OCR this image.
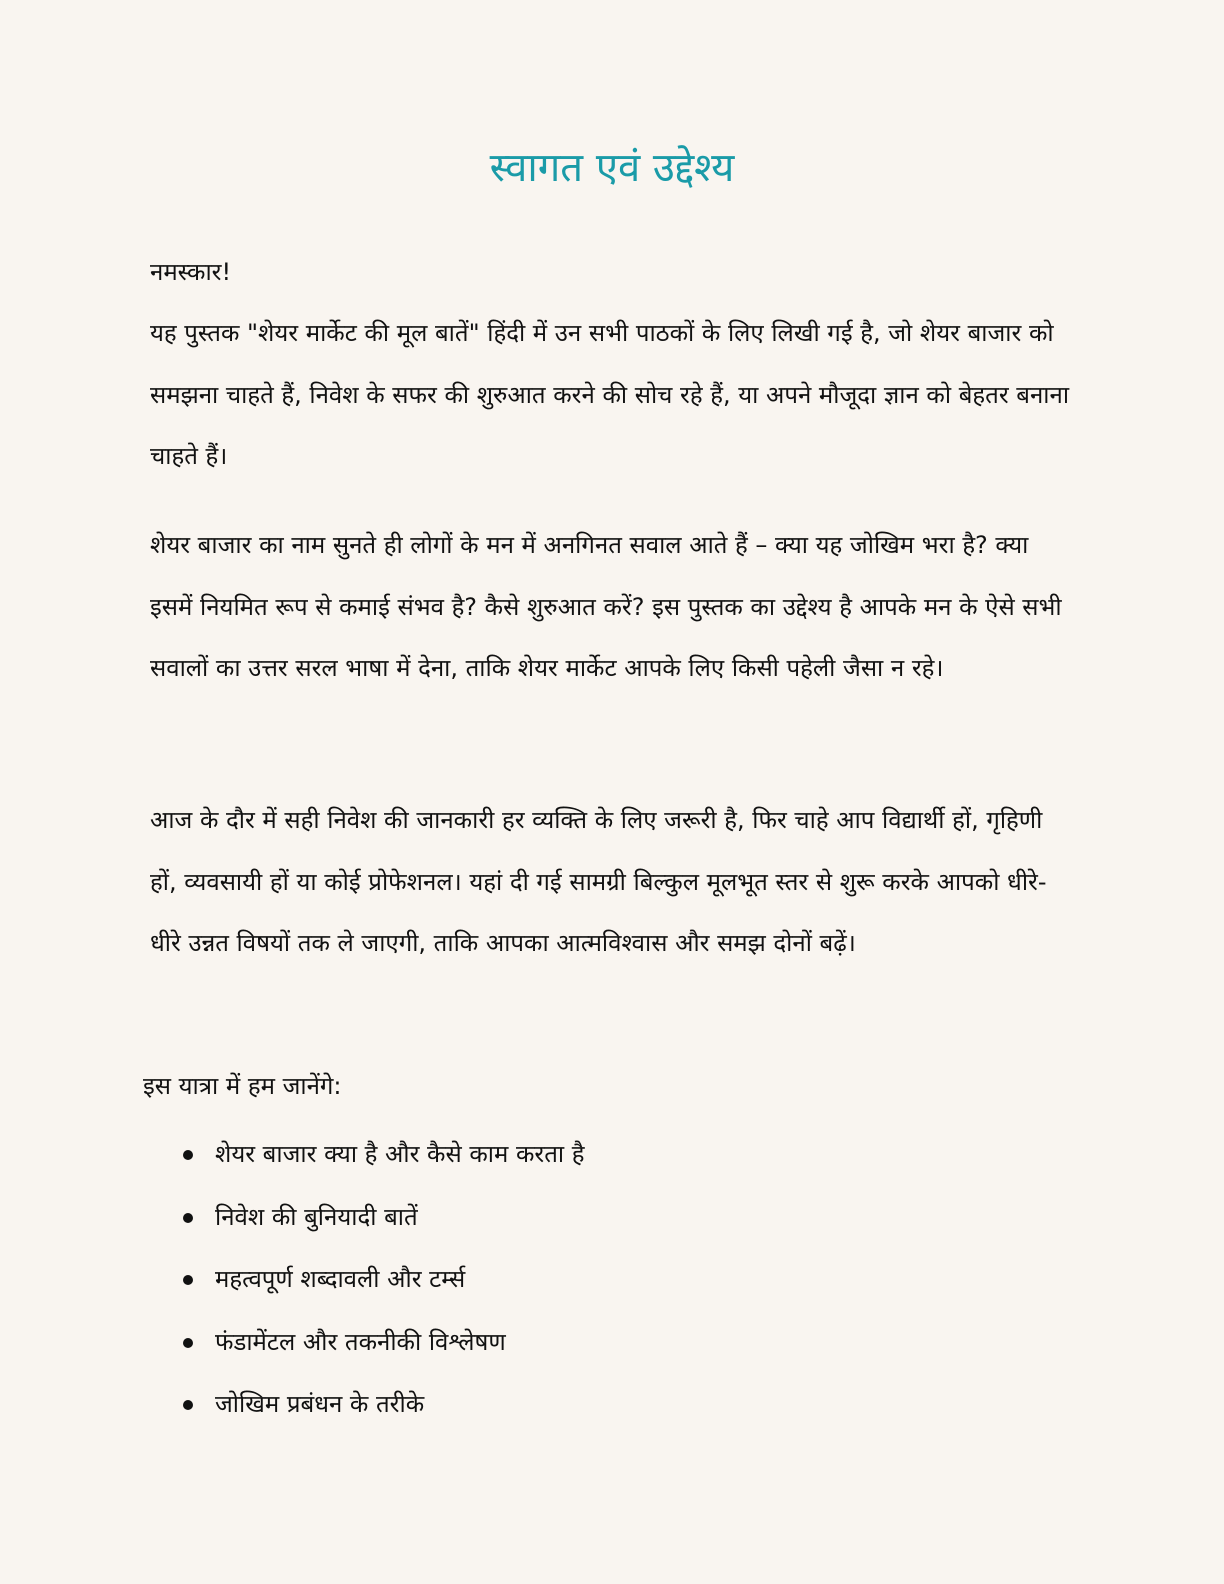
स्वागत एवं उद्देश्य

नमस्कार!

यह पुस्तक "शेयर मार्केट की मूल बातें" हिंदी में उन सभी पाठकों के लिए लिखी गई है, जो शेयर बाजार को समझना चाहते हैं, निवेश के सफर की शुरुआत करने की सोच रहे हैं, या अपने मौजूदा ज्ञान को बेहतर बनाना चाहते हैं।

शेयर बाजार का नाम सुनते ही लोगों के मन में अनगिनत सवाल आते हैं – क्या यह जोखिम भरा है? क्या इसमें नियमित रूप से कमाई संभव है? कैसे शुरुआत करें? इस पुस्तक का उद्देश्य है आपके मन के ऐसे सभी सवालों का उत्तर सरल भाषा में देना, ताकि शेयर मार्केट आपके लिए किसी पहेली जैसा न रहे।

आज के दौर में सही निवेश की जानकारी हर व्यक्ति के लिए जरूरी है, फिर चाहे आप विद्यार्थी हों, गृहिणी हों, व्यवसायी हों या कोई प्रोफेशनल। यहां दी गई सामग्री बिल्कुल मूलभूत स्तर से शुरू करके आपको धीरे-धीरे उन्नत विषयों तक ले जाएगी, ताकि आपका आत्मविश्वास और समझ दोनों बढ़ें।

इस यात्रा में हम जानेंगे:

शेयर बाजार क्या है और कैसे काम करता है
निवेश की बुनियादी बातें
महत्वपूर्ण शब्दावली और टर्म्स
फंडामेंटल और तकनीकी विश्लेषण
जोखिम प्रबंधन के तरीके
